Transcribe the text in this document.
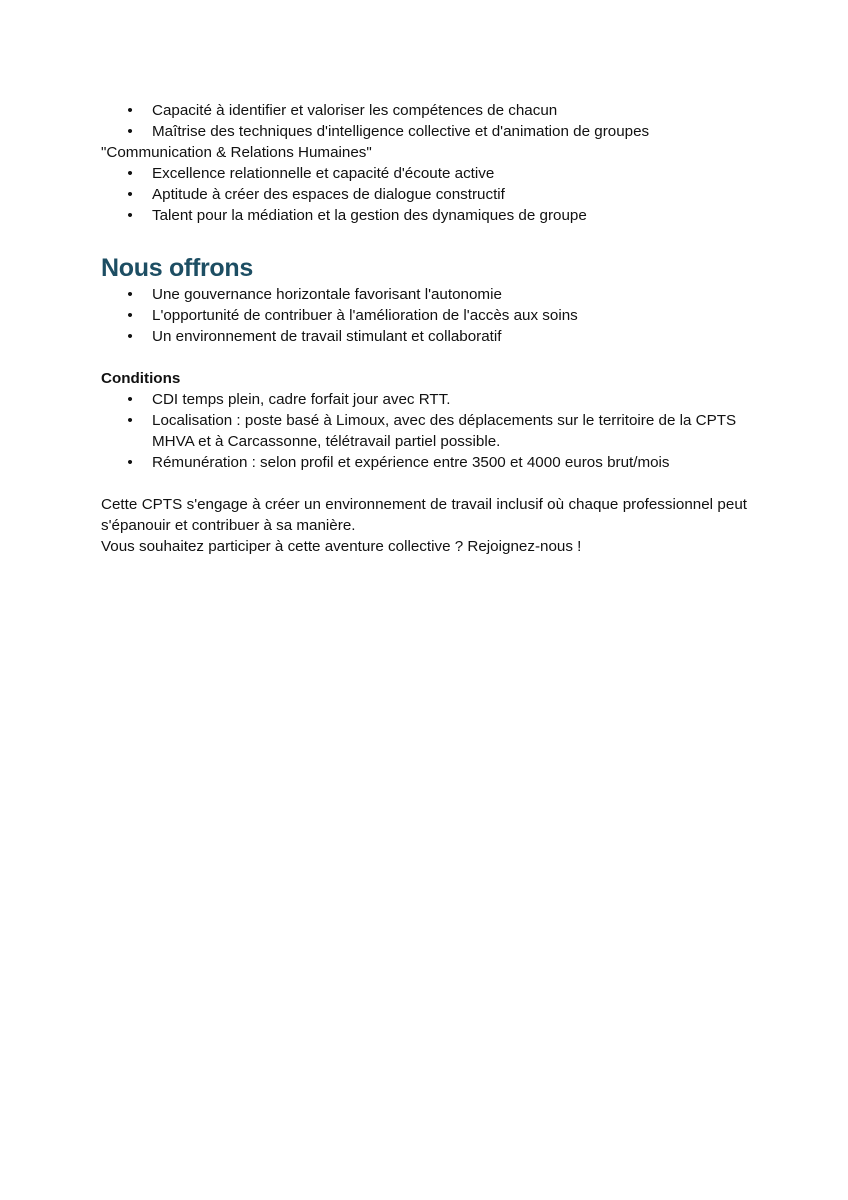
• Capacité à identifier et valoriser les compétences de chacun
• Maîtrise des techniques d'intelligence collective et d'animation de groupes

"Communication & Relations Humaines"

• Excellence relationnelle et capacité d'écoute active
• Aptitude à créer des espaces de dialogue constructif
• Talent pour la médiation et la gestion des dynamiques de groupe
Nous offrons
• Une gouvernance horizontale favorisant l'autonomie
• L'opportunité de contribuer à l'amélioration de l'accès aux soins
• Un environnement de travail stimulant et collaboratif

Conditions

• CDI temps plein, cadre forfait jour avec RTT.
• Localisation : poste basé à Limoux, avec des déplacements sur le territoire de la CPTS MHVA et à Carcassonne, télétravail partiel possible.
• Rémunération : selon profil et expérience entre 3500 et 4000 euros brut/mois

Cette CPTS s'engage à créer un environnement de travail inclusif où chaque professionnel peut s'épanouir et contribuer à sa manière.

Vous souhaitez participer à cette aventure collective ? Rejoignez-nous !
